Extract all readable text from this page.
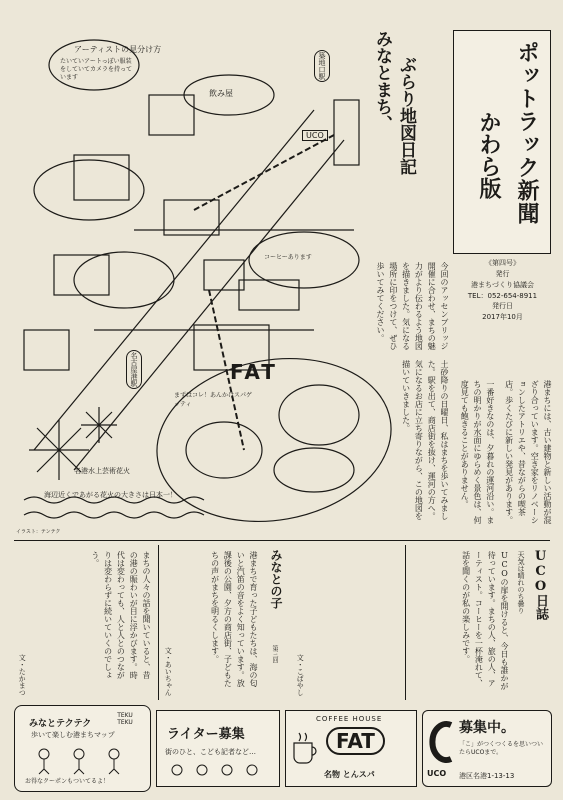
アーティストの見分け方
たいていアートっぽい服装をしていてカメラを持っています	築地口駅
飲み屋
UCO
コーヒーあります
名古屋港駅	FAT
まずはコレ！あんかけスパゲッティ
名港水上芸術花火
海辺近くであがる花火の大きさは日本一！
みなとまち、 ぶらり地図日記	ポットラック新聞
かわら版
《第四号》
発行
港まちづくり協議会
TEL：052-654-8911
発行日
2017年10月
今回のアッセンブリッジ開催に合わせ、まちの魅力がより伝わるよう地図を描きました。気になる場所に印をつけて、ぜひ歩いてみてください。
土砂降りの日曜日、私はまちを歩いてみました。駅を出て、商店街を抜け、運河の方へ。気になるお店に立ち寄りながら、この地図を描いていきました。	港まちには、古い建物と新しい活動が混ざり合っています。空き家をリノベーションしたアトリエや、昔ながらの喫茶店。歩くたびに新しい発見があります。
一番好きなのは、夕暮れの運河沿い。まちの明かりが水面にゆらめく景色は、何度見ても飽きることがありません。
イラスト：テンテク
UCO日誌
天気は晴れのち曇り
UCOの扉を開けると、今日も誰かが待っています。まちの人、旅の人、アーティスト。コーヒーを一杯淹れて、話を聞くのが私の楽しみです。
文・こばやし
みなとの子
第三回
港まちで育った子どもたちは、海の匂いと汽笛の音をよく知っています。放課後の公園、夕方の商店街、子どもたちの声がまちを明るくします。
文・あいちゃん
まちの人々の話を聞いていると、昔の港の賑わいが目に浮かびます。時代は変わっても、人と人とのつながりは変わらずに続いていくのでしょう。
文・たかまつ
みなとテクテク
歩いて楽しむ港まちマップ
TEKU TEKU
お得なクーポンもついてるよ！
ライター募集
街のひと、こども記者など…
COFFEE HOUSE
FAT
名物 とんスパ
募集中。
「こ」がつくつくるを思いついたらUCOまで。
UCO 港区名港1-13-13
